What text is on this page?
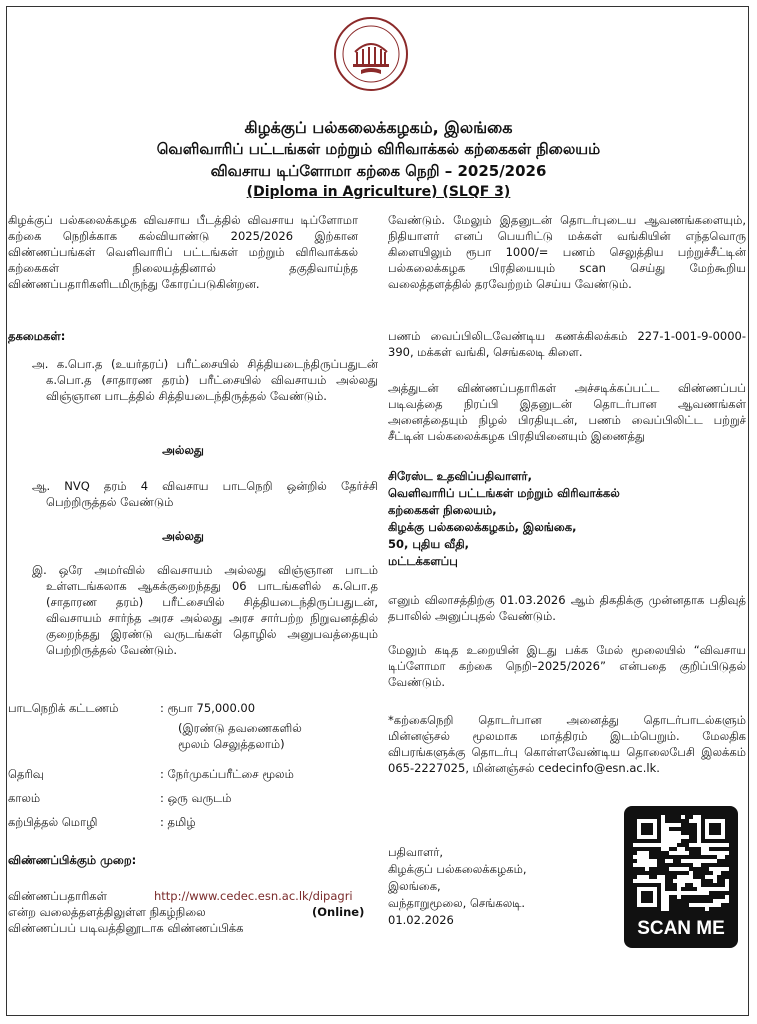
கிழக்குப் பல்கலைக்கழகம், இலங்கை
வெளிவாரிப் பட்டங்கள் மற்றும் விரிவாக்கல் கற்கைகள் நிலையம்
விவசாய டிப்ளோமா கற்கை நெறி – 2025/2026
(Diploma in Agriculture) (SLQF 3)
கிழக்குப் பல்கலைக்கழக விவசாய பீடத்தில் விவசாய டிப்ளோமா கற்கை நெறிக்காக கல்வியாண்டு 2025/2026 இற்கான விண்ணப்பங்கள் வெளிவாரிப் பட்டங்கள் மற்றும் விரிவாக்கல் கற்கைகள் நிலையத்தினால் தகுதிவாய்ந்த விண்ணப்பதாரிகளிடமிருந்து கோரப்படுகின்றன.
தகமைகள்:
அ. க.பொ.த (உயர்தரப்) பரீட்சையில் சித்தியடைந்திருப்பதுடன் க.பொ.த (சாதாரண தரம்) பரீட்சையில் விவசாயம் அல்லது விஞ்ஞான பாடத்தில் சித்தியடைந்திருத்தல் வேண்டும்.
அல்லது
ஆ. NVQ தரம் 4 விவசாய பாடநெறி ஒன்றில் தேர்ச்சி பெற்றிருத்தல் வேண்டும்
அல்லது
இ. ஒரே அமர்வில் விவசாயம் அல்லது விஞ்ஞான பாடம் உள்ளடங்கலாக ஆகக்குறைந்தது 06 பாடங்களில் க.பொ.த (சாதாரண தரம்) பரீட்சையில் சித்தியடைந்திருப்பதுடன், விவசாயம் சார்ந்த அரச அல்லது அரச சார்பற்ற நிறுவனத்தில் குறைந்தது இரண்டு வருடங்கள் தொழில் அனுபவத்தையும் பெற்றிருத்தல் வேண்டும்.
பாடநெறிக் கட்டணம்	: ரூபா 75,000.00
(இரண்டு தவணைகளில்
மூலம் செலுத்தலாம்)
தெரிவு	: நேர்முகப்பரீட்சை மூலம்
காலம்	: ஒரு வருடம்
கற்பித்தல் மொழி	: தமிழ்
விண்ணப்பிக்கும் முறை:
விண்ணப்பதாரிகள்	http://www.cedec.esn.ac.lk/dipagri
என்ற வலைத்தளத்திலுள்ள நிகழ்நிலை	(Online)
விண்ணப்பப் படிவத்தினூடாக விண்ணப்பிக்க
வேண்டும். மேலும் இதனுடன் தொடர்புடைய ஆவணங்களையும், நிதியாளர் எனப் பெயரிட்டு மக்கள் வங்கியின் எந்தவொரு கிளையிலும் ரூபா 1000/= பணம் செலுத்திய பற்றுச்சீட்டின் பல்கலைக்கழக பிரதியையும் scan செய்து மேற்கூறிய வலைத்தளத்தில் தரவேற்றம் செய்ய வேண்டும்.
பணம் வைப்பிலிடவேண்டிய கணக்கிலக்கம் 227-1-001-9-0000-390, மக்கள் வங்கி, செங்கலடி கிளை.
அத்துடன் விண்ணப்பதாரிகள் அச்சடிக்கப்பட்ட விண்ணப்பப் படிவத்தை நிரப்பி இதனுடன் தொடர்பான ஆவணங்கள் அனைத்தையும் நிழல் பிரதியுடன், பணம் வைப்பிலிட்ட பற்றுச் சீட்டின் பல்கலைக்கழக பிரதியினையும் இணைத்து
சிரேஸ்ட உதவிப்பதிவாளர்,
வெளிவாரிப் பட்டங்கள் மற்றும் விரிவாக்கல்
கற்கைகள் நிலையம்,
கிழக்கு பல்கலைக்கழகம், இலங்கை,
50, புதிய வீதி,
மட்டக்களப்பு
எனும் விலாசத்திற்கு 01.03.2026 ஆம் திகதிக்கு முன்னதாக பதிவுத் தபாலில் அனுப்புதல் வேண்டும்.
மேலும் கடித உறையின் இடது பக்க மேல் மூலையில் “விவசாய டிப்ளோமா கற்கை நெறி–2025/2026” என்பதை குறிப்பிடுதல் வேண்டும்.
*கற்கைநெறி தொடர்பான அனைத்து தொடர்பாடல்களும் மின்னஞ்சல் மூலமாக மாத்திரம் இடம்பெறும். மேலதிக விபரங்களுக்கு தொடர்பு கொள்ளவேண்டிய தொலைபேசி இலக்கம் 065-2227025, மின்னஞ்சல் cedecinfo@esn.ac.lk.
பதிவாளர்,
கிழக்குப் பல்கலைக்கழகம்,
இலங்கை,
வந்தாறுமூலை, செங்கலடி.
01.02.2026	SCAN ME
